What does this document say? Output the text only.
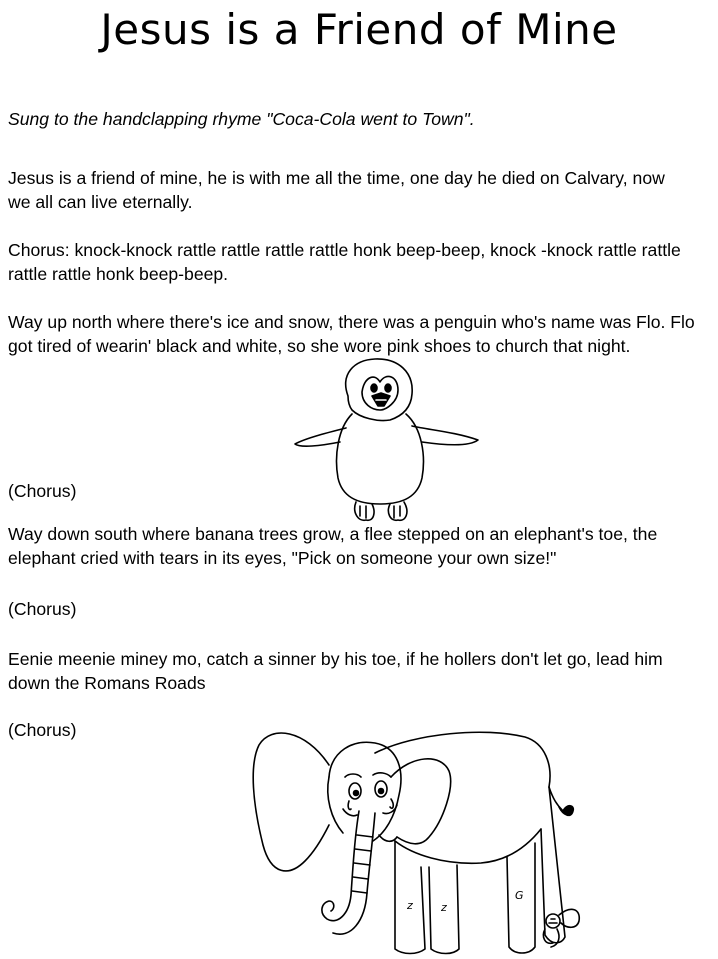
Jesus is a Friend of Mine

Sung to the handclapping rhyme "Coca-Cola went to Town".

Jesus is a friend of mine, he is with me all the time, one day he died on Calvary, now we all can live eternally.

Chorus: knock-knock rattle rattle rattle rattle honk beep-beep, knock -knock rattle rattle rattle rattle honk beep-beep.

Way up north where there's ice and snow, there was a penguin who's name was Flo. Flo got tired of wearin' black and white, so she wore pink shoes to church that night.

(Chorus)

Way down south where banana trees grow, a flee stepped on an elephant's toe, the elephant cried with tears in its eyes, "Pick on someone your own size!"

(Chorus)

Eenie meenie miney mo, catch a sinner by his toe, if he hollers don't let go, lead him down the Romans Roads

(Chorus)

z	z
G
